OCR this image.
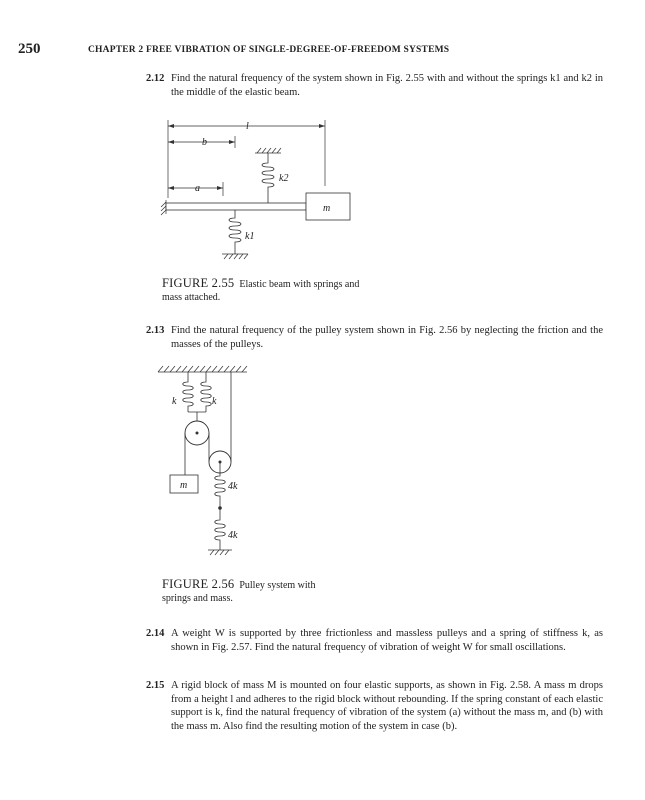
250	CHAPTER 2 FREE VIBRATION OF SINGLE-DEGREE-OF-FREEDOM SYSTEMS
2.12 Find the natural frequency of the system shown in Fig. 2.55 with and without the springs k1 and k2 in the middle of the elastic beam.
l
b
a
m
k2
k1
FIGURE 2.55 Elastic beam with springs and mass attached.
2.13 Find the natural frequency of the pulley system shown in Fig. 2.56 by neglecting the friction and the masses of the pulleys.
k	k
m	4k
4k
FIGURE 2.56 Pulley system with springs and mass.
2.14 A weight W is supported by three frictionless and massless pulleys and a spring of stiffness k, as shown in Fig. 2.57. Find the natural frequency of vibration of weight W for small oscillations.
2.15 A rigid block of mass M is mounted on four elastic supports, as shown in Fig. 2.58. A mass m drops from a height l and adheres to the rigid block without rebounding. If the spring constant of each elastic support is k, find the natural frequency of vibration of the system (a) without the mass m, and (b) with the mass m. Also find the resulting motion of the system in case (b).
